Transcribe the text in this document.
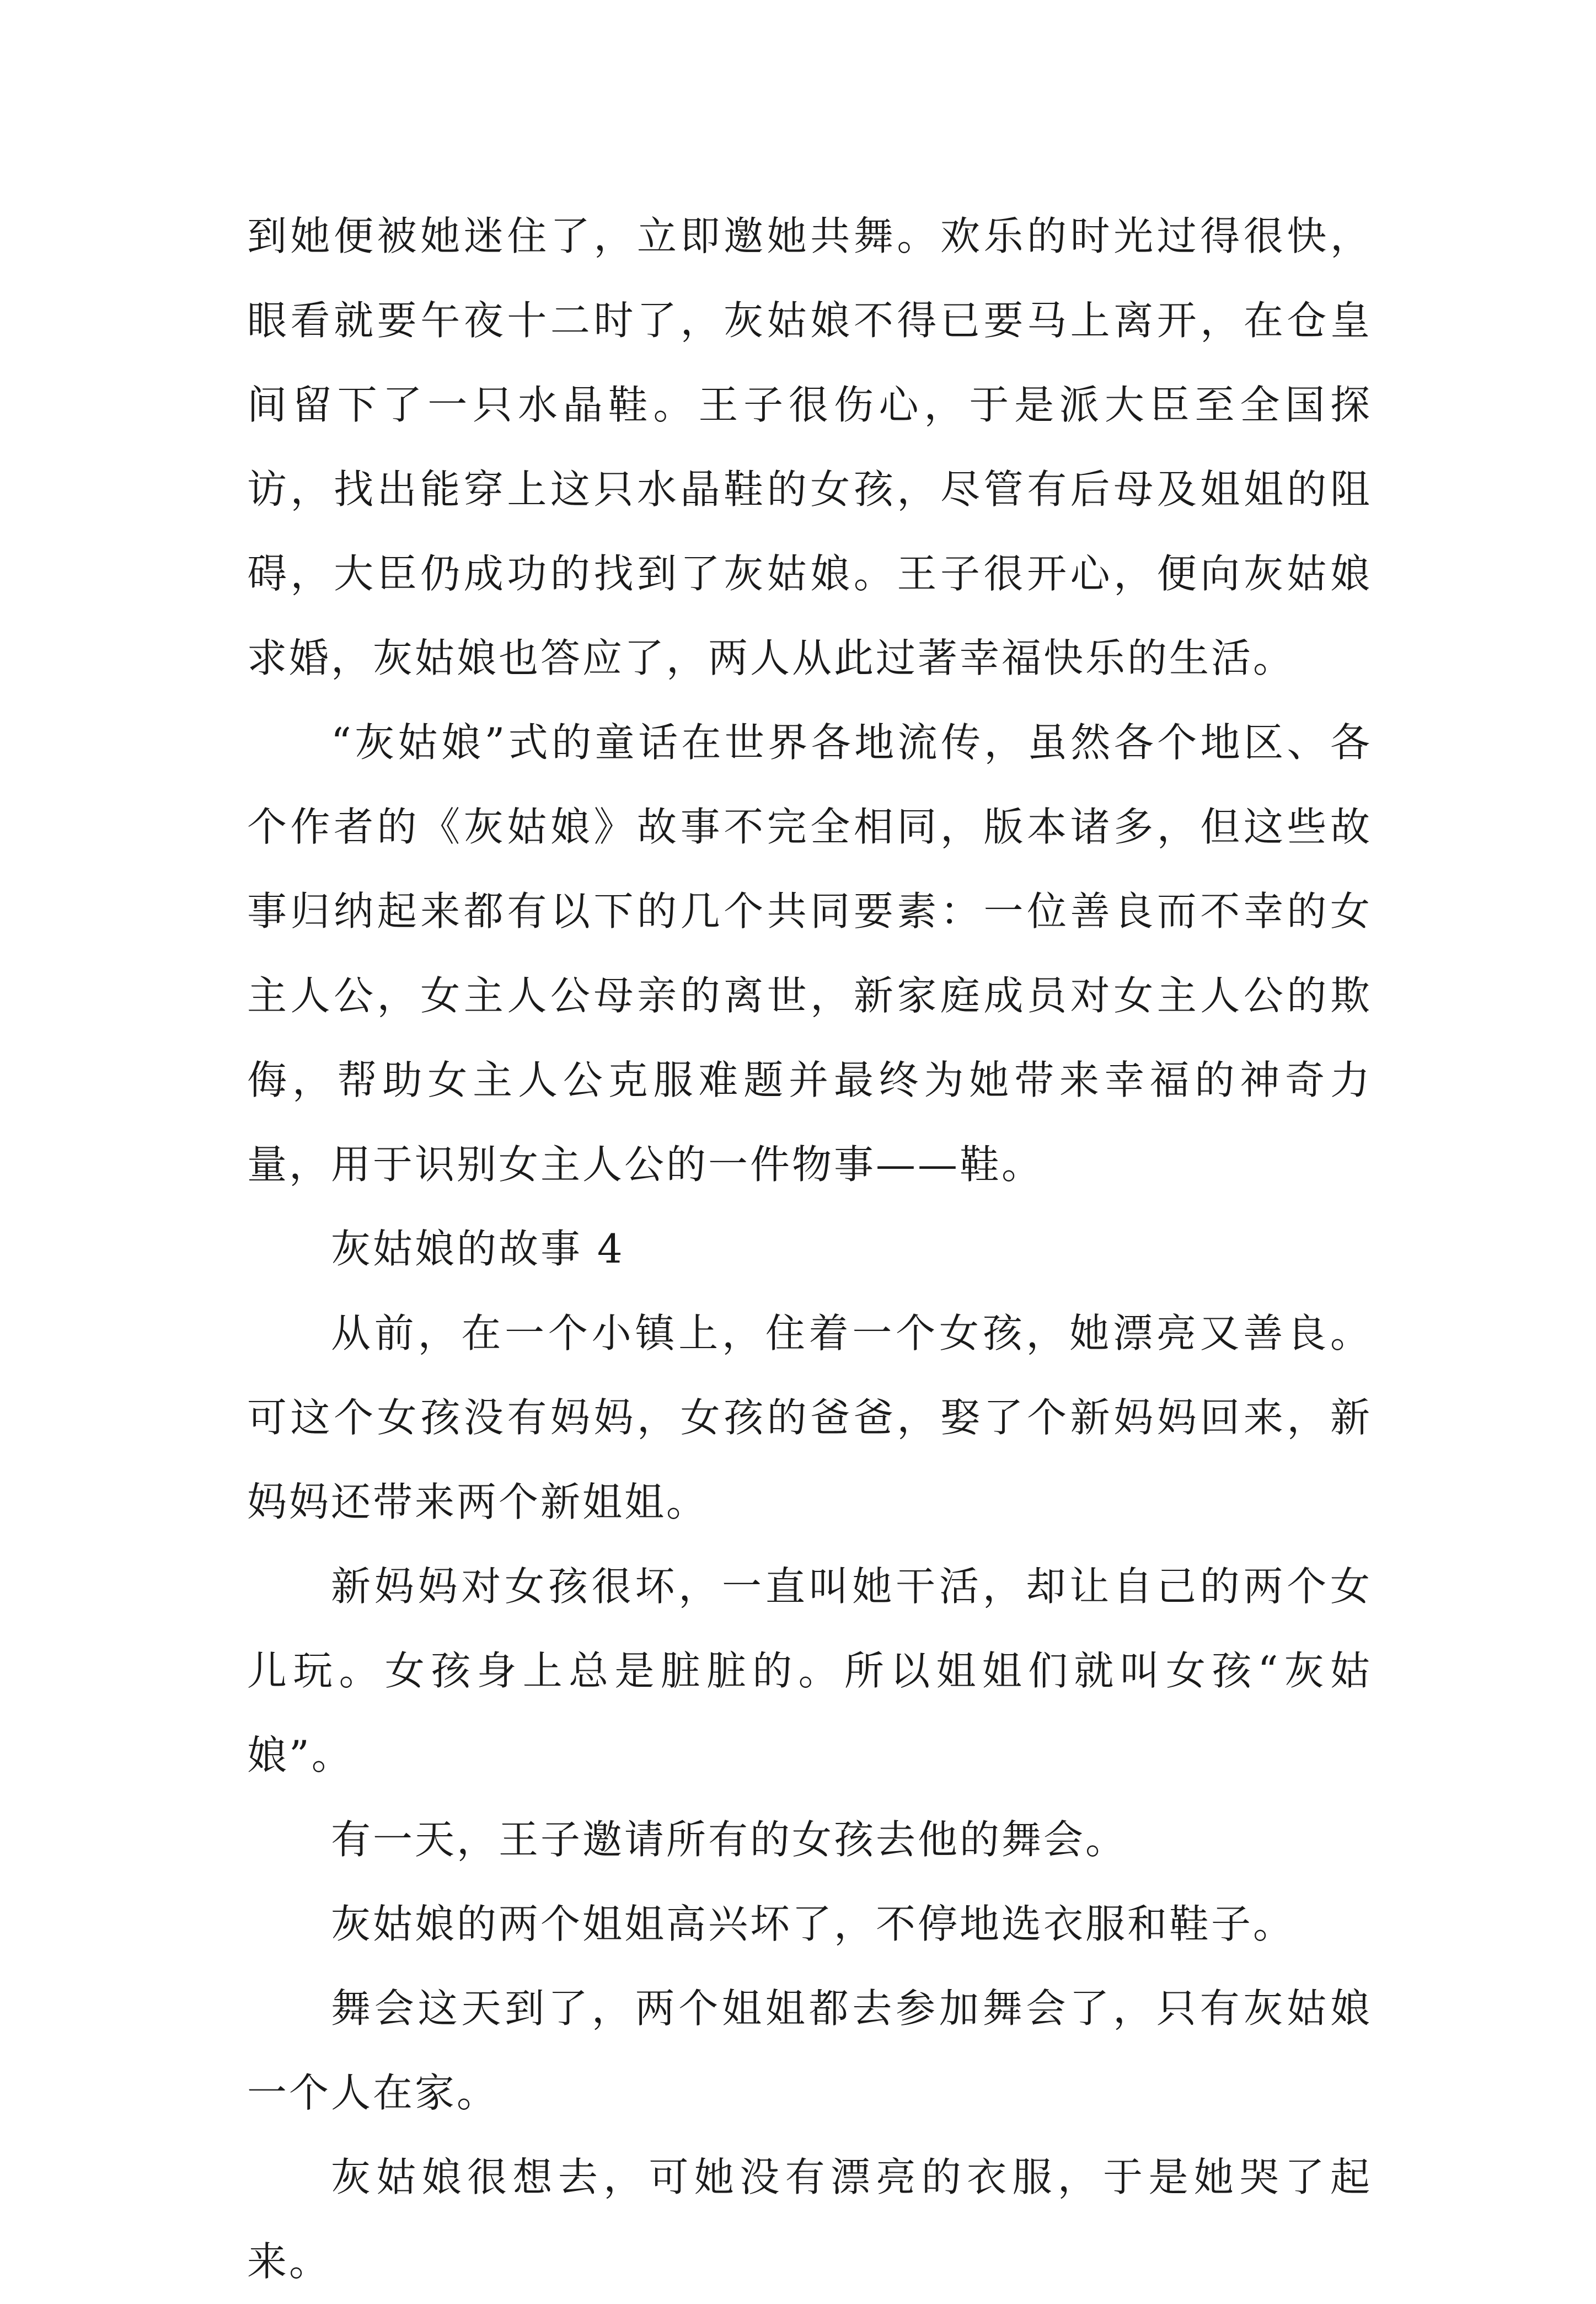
到她便被她迷住了，立即邀她共舞。欢乐的时光过得很快，眼看就要午夜十二时了，灰姑娘不得已要马上离开，在仓皇间留下了一只水晶鞋。王子很伤心，于是派大臣至全国探访，找出能穿上这只水晶鞋的女孩，尽管有后母及姐姐的阻碍，大臣仍成功的找到了灰姑娘。王子很开心，便向灰姑娘求婚，灰姑娘也答应了，两人从此过著幸福快乐的生活。

“灰姑娘”式的童话在世界各地流传，虽然各个地区、各个作者的《灰姑娘》故事不完全相同，版本诸多，但这些故事归纳起来都有以下的几个共同要素：一位善良而不幸的女主人公，女主人公母亲的离世，新家庭成员对女主人公的欺侮，帮助女主人公克服难题并最终为她带来幸福的神奇力量，用于识别女主人公的一件物事——鞋。

灰姑娘的故事 4

从前，在一个小镇上，住着一个女孩，她漂亮又善良。可这个女孩没有妈妈，女孩的爸爸，娶了个新妈妈回来，新妈妈还带来两个新姐姐。

新妈妈对女孩很坏，一直叫她干活，却让自己的两个女儿玩。女孩身上总是脏脏的。所以姐姐们就叫女孩“灰姑娘”。

有一天，王子邀请所有的女孩去他的舞会。

灰姑娘的两个姐姐高兴坏了，不停地选衣服和鞋子。

舞会这天到了，两个姐姐都去参加舞会了，只有灰姑娘一个人在家。

灰姑娘很想去，可她没有漂亮的衣服，于是她哭了起来。
